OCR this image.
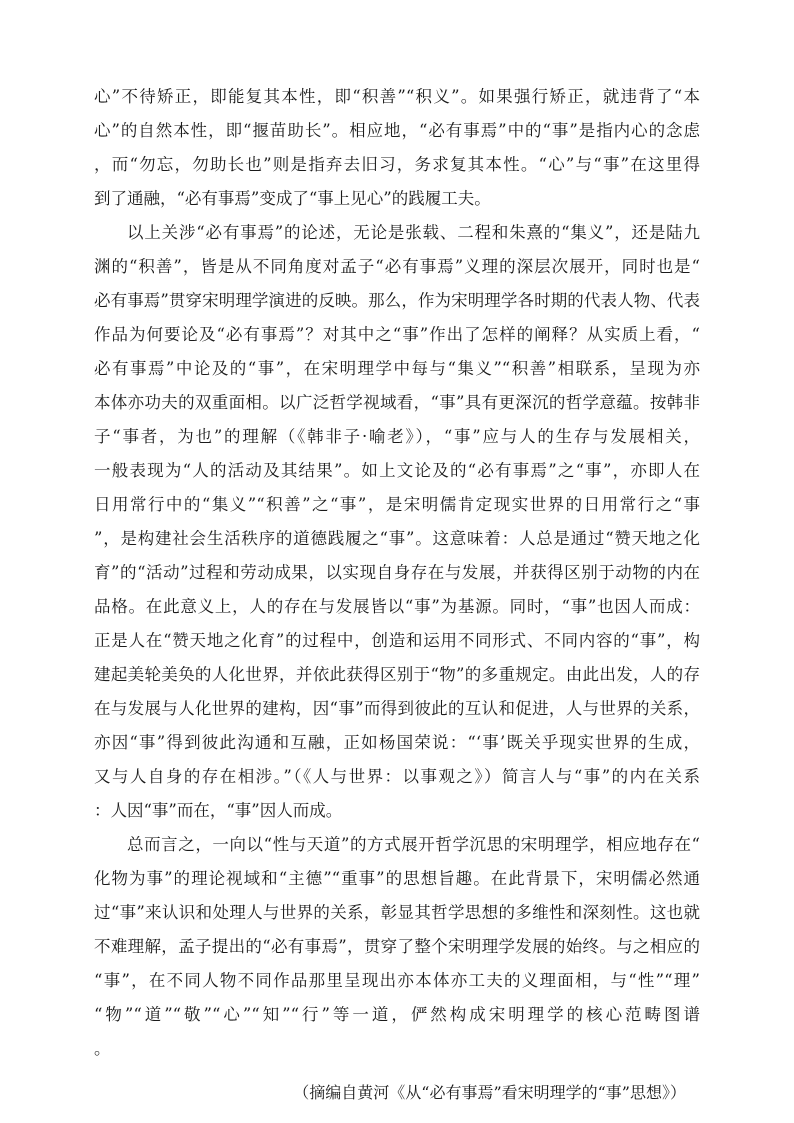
心”不待矫正，即能复其本性，即“积善”“积义”。如果强行矫正，就违背了“本
心”的自然本性，即“揠苗助长”。相应地，“必有事焉”中的“事”是指内心的念虑
，而“勿忘，勿助长也”则是指弃去旧习，务求复其本性。“心”与“事”在这里得
到了通融，“必有事焉”变成了“事上见心”的践履工夫。
以上关涉“必有事焉”的论述，无论是张载、二程和朱熹的“集义”，还是陆九
渊的“积善”，皆是从不同角度对孟子“必有事焉”义理的深层次展开，同时也是“
必有事焉”贯穿宋明理学演进的反映。那么，作为宋明理学各时期的代表人物、代表
作品为何要论及“必有事焉”？对其中之“事”作出了怎样的阐释？从实质上看，“
必有事焉”中论及的“事”，在宋明理学中每与“集义”“积善”相联系，呈现为亦
本体亦功夫的双重面相。以广泛哲学视域看，“事”具有更深沉的哲学意蕴。按韩非
子“事者，为也”的理解（《韩非子·喻老》），“事”应与人的生存与发展相关，
一般表现为“人的活动及其结果”。如上文论及的“必有事焉”之“事”，亦即人在
日用常行中的“集义”“积善”之“事”，是宋明儒肯定现实世界的日用常行之“事
”，是构建社会生活秩序的道德践履之“事”。这意味着：人总是通过“赞天地之化
育”的“活动”过程和劳动成果，以实现自身存在与发展，并获得区别于动物的内在
品格。在此意义上，人的存在与发展皆以“事”为基源。同时，“事”也因人而成：
正是人在“赞天地之化育”的过程中，创造和运用不同形式、不同内容的“事”，构
建起美轮美奂的人化世界，并依此获得区别于“物”的多重规定。由此出发，人的存
在与发展与人化世界的建构，因“事”而得到彼此的互认和促进，人与世界的关系，
亦因“事”得到彼此沟通和互融，正如杨国荣说：“‘事’既关乎现实世界的生成，
又与人自身的存在相涉。”（《人与世界：以事观之》）简言人与“事”的内在关系
：人因“事”而在，“事”因人而成。
总而言之，一向以“性与天道”的方式展开哲学沉思的宋明理学，相应地存在“
化物为事”的理论视域和“主德”“重事”的思想旨趣。在此背景下，宋明儒必然通
过“事”来认识和处理人与世界的关系，彰显其哲学思想的多维性和深刻性。这也就
不难理解，孟子提出的“必有事焉”，贯穿了整个宋明理学发展的始终。与之相应的
“事”，在不同人物不同作品那里呈现出亦本体亦工夫的义理面相，与“性”“理”
“物”“道”“敬”“心”“知”“行”等一道，俨然构成宋明理学的核心范畴图谱
。
（摘编自黄河《从“必有事焉”看宋明理学的“事”思想》）
